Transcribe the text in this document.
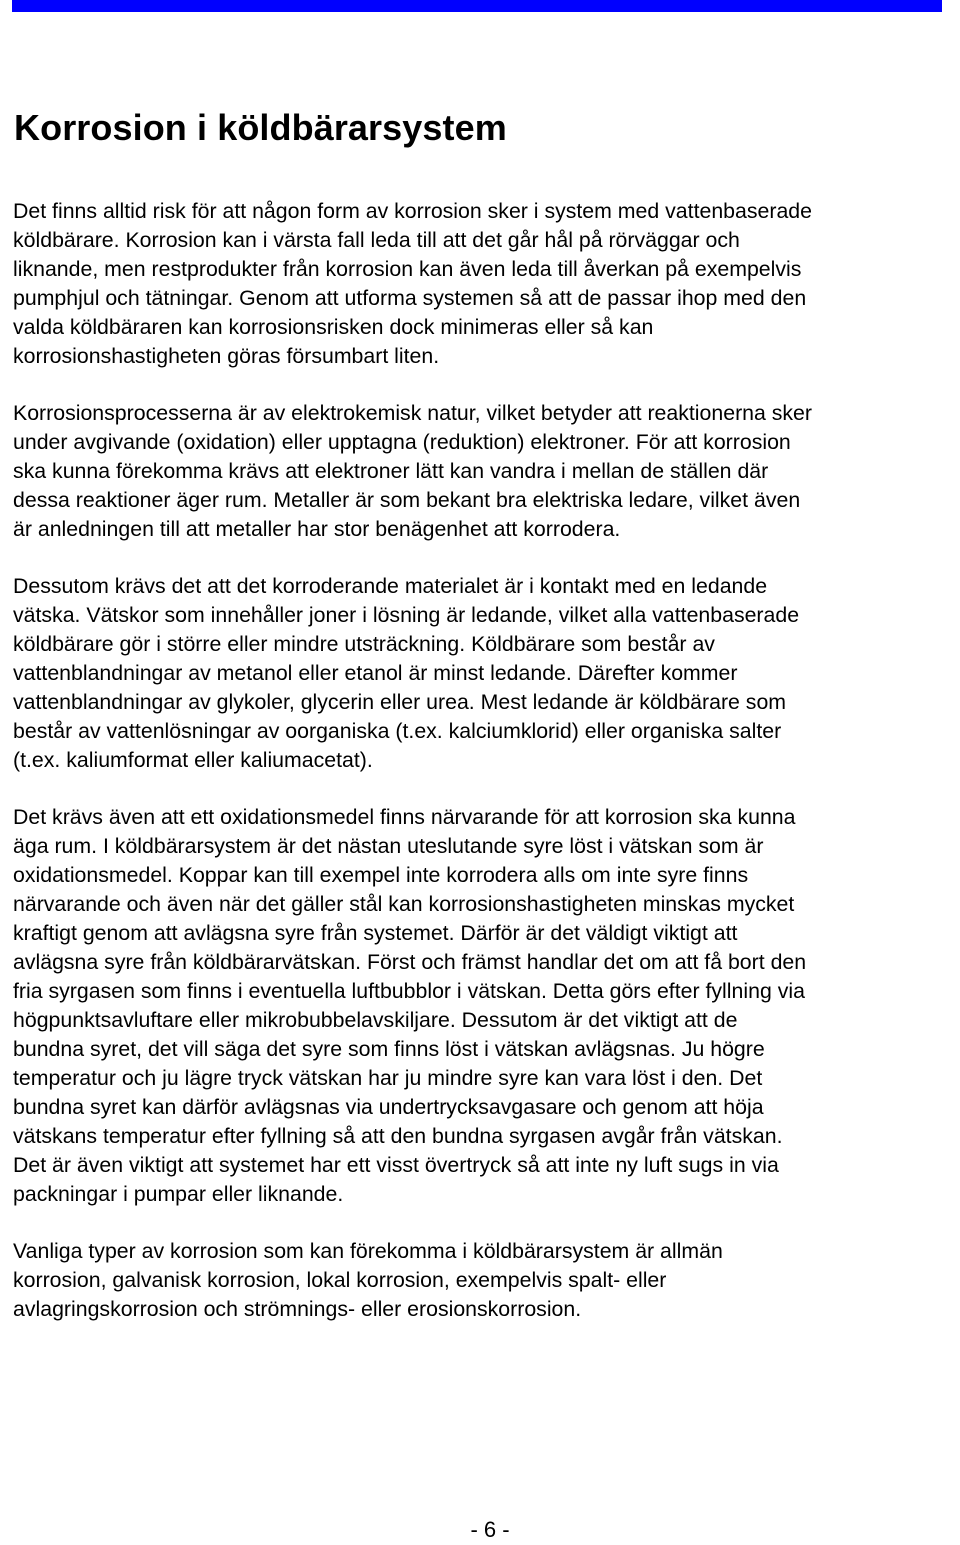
Korrosion i köldbärarsystem

Det finns alltid risk för att någon form av korrosion sker i system med vattenbaserade
köldbärare. Korrosion kan i värsta fall leda till att det går hål på rörväggar och
liknande, men restprodukter från korrosion kan även leda till åverkan på exempelvis
pumphjul och tätningar. Genom att utforma systemen så att de passar ihop med den
valda köldbäraren kan korrosionsrisken dock minimeras eller så kan
korrosionshastigheten göras försumbart liten.

Korrosionsprocesserna är av elektrokemisk natur, vilket betyder att reaktionerna sker
under avgivande (oxidation) eller upptagna (reduktion) elektroner. För att korrosion
ska kunna förekomma krävs att elektroner lätt kan vandra i mellan de ställen där
dessa reaktioner äger rum. Metaller är som bekant bra elektriska ledare, vilket även
är anledningen till att metaller har stor benägenhet att korrodera.

Dessutom krävs det att det korroderande materialet är i kontakt med en ledande
vätska. Vätskor som innehåller joner i lösning är ledande, vilket alla vattenbaserade
köldbärare gör i större eller mindre utsträckning. Köldbärare som består av
vattenblandningar av metanol eller etanol är minst ledande. Därefter kommer
vattenblandningar av glykoler, glycerin eller urea. Mest ledande är köldbärare som
består av vattenlösningar av oorganiska (t.ex. kalciumklorid) eller organiska salter
(t.ex. kaliumformat eller kaliumacetat).

Det krävs även att ett oxidationsmedel finns närvarande för att korrosion ska kunna
äga rum. I köldbärarsystem är det nästan uteslutande syre löst i vätskan som är
oxidationsmedel. Koppar kan till exempel inte korrodera alls om inte syre finns
närvarande och även när det gäller stål kan korrosionshastigheten minskas mycket
kraftigt genom att avlägsna syre från systemet. Därför är det väldigt viktigt att
avlägsna syre från köldbärarvätskan. Först och främst handlar det om att få bort den
fria syrgasen som finns i eventuella luftbubblor i vätskan. Detta görs efter fyllning via
högpunktsavluftare eller mikrobubbelavskiljare. Dessutom är det viktigt att de
bundna syret, det vill säga det syre som finns löst i vätskan avlägsnas. Ju högre
temperatur och ju lägre tryck vätskan har ju mindre syre kan vara löst i den. Det
bundna syret kan därför avlägsnas via undertrycksavgasare och genom att höja
vätskans temperatur efter fyllning så att den bundna syrgasen avgår från vätskan.
Det är även viktigt att systemet har ett visst övertryck så att inte ny luft sugs in via
packningar i pumpar eller liknande.

Vanliga typer av korrosion som kan förekomma i köldbärarsystem är allmän
korrosion, galvanisk korrosion, lokal korrosion, exempelvis spalt- eller
avlagringskorrosion och strömnings- eller erosionskorrosion.

- 6 -
